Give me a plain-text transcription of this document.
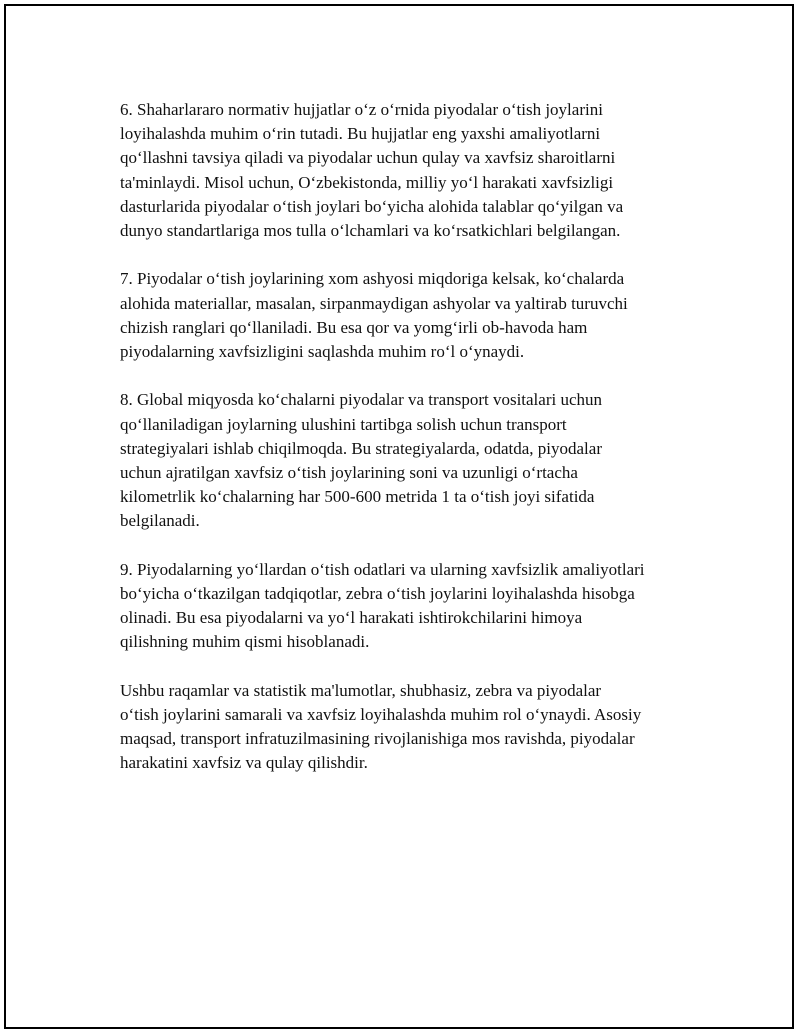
6. Shaharlararo normativ hujjatlar o‘z o‘rnida piyodalar o‘tish joylarini
loyihalashda muhim o‘rin tutadi. Bu hujjatlar eng yaxshi amaliyotlarni
qo‘llashni tavsiya qiladi va piyodalar uchun qulay va xavfsiz sharoitlarni
ta'minlaydi. Misol uchun, O‘zbekistonda, milliy yo‘l harakati xavfsizligi
dasturlarida piyodalar o‘tish joylari bo‘yicha alohida talablar qo‘yilgan va
dunyo standartlariga mos tulla o‘lchamlari va ko‘rsatkichlari belgilangan.

7. Piyodalar o‘tish joylarining xom ashyosi miqdoriga kelsak, ko‘chalarda
alohida materiallar, masalan, sirpanmaydigan ashyolar va yaltirab turuvchi
chizish ranglari qo‘llaniladi. Bu esa qor va yomg‘irli ob-havoda ham
piyodalarning xavfsizligini saqlashda muhim ro‘l o‘ynaydi.

8. Global miqyosda ko‘chalarni piyodalar va transport vositalari uchun
qo‘llaniladigan joylarning ulushini tartibga solish uchun transport
strategiyalari ishlab chiqilmoqda. Bu strategiyalarda, odatda, piyodalar
uchun ajratilgan xavfsiz o‘tish joylarining soni va uzunligi o‘rtacha
kilometrlik ko‘chalarning har 500-600 metrida 1 ta o‘tish joyi sifatida
belgilanadi.

9. Piyodalarning yo‘llardan o‘tish odatlari va ularning xavfsizlik amaliyotlari
bo‘yicha o‘tkazilgan tadqiqotlar, zebra o‘tish joylarini loyihalashda hisobga
olinadi. Bu esa piyodalarni va yo‘l harakati ishtirokchilarini himoya
qilishning muhim qismi hisoblanadi.

Ushbu raqamlar va statistik ma'lumotlar, shubhasiz, zebra va piyodalar
o‘tish joylarini samarali va xavfsiz loyihalashda muhim rol o‘ynaydi. Asosiy
maqsad, transport infratuzilmasining rivojlanishiga mos ravishda, piyodalar
harakatini xavfsiz va qulay qilishdir.
